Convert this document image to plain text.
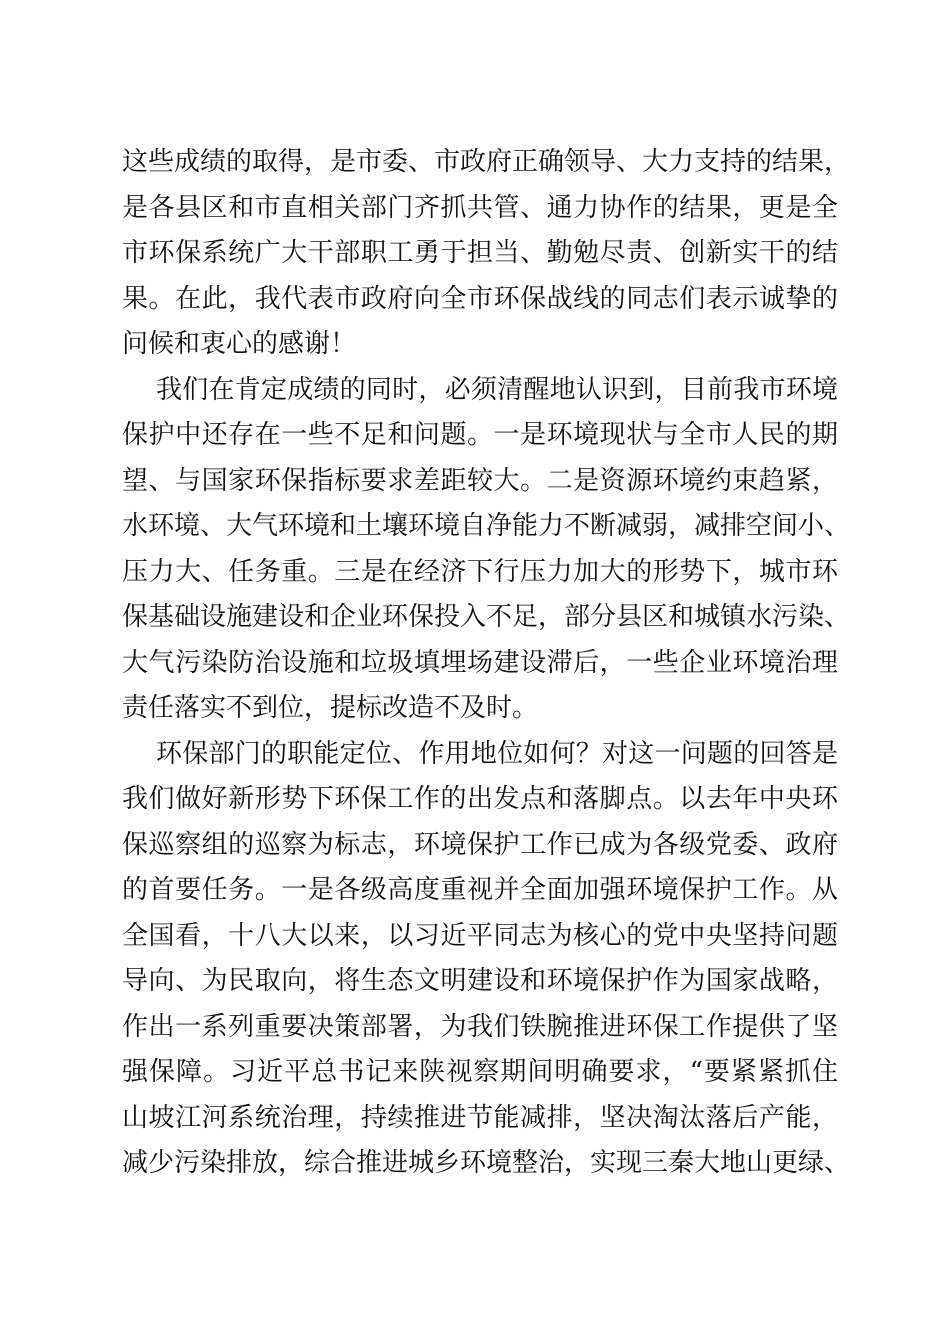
这些成绩的取得，是市委、市政府正确领导、大力支持的结果，
是各县区和市直相关部门齐抓共管、通力协作的结果，更是全
市环保系统广大干部职工勇于担当、勤勉尽责、创新实干的结
果。在此，我代表市政府向全市环保战线的同志们表示诚挚的
问候和衷心的感谢！
我们在肯定成绩的同时，必须清醒地认识到，目前我市环境
保护中还存在一些不足和问题。一是环境现状与全市人民的期
望、与国家环保指标要求差距较大。二是资源环境约束趋紧，
水环境、大气环境和土壤环境自净能力不断减弱，减排空间小、
压力大、任务重。三是在经济下行压力加大的形势下，城市环
保基础设施建设和企业环保投入不足，部分县区和城镇水污染、
大气污染防治设施和垃圾填埋场建设滞后，一些企业环境治理
责任落实不到位，提标改造不及时。
环保部门的职能定位、作用地位如何？对这一问题的回答是
我们做好新形势下环保工作的出发点和落脚点。以去年中央环
保巡察组的巡察为标志，环境保护工作已成为各级党委、政府
的首要任务。一是各级高度重视并全面加强环境保护工作。从
全国看，十八大以来，以习近平同志为核心的党中央坚持问题
导向、为民取向，将生态文明建设和环境保护作为国家战略，
作出一系列重要决策部署，为我们铁腕推进环保工作提供了坚
强保障。习近平总书记来陕视察期间明确要求，“要紧紧抓住
山坡江河系统治理，持续推进节能减排，坚决淘汰落后产能，
减少污染排放，综合推进城乡环境整治，实现三秦大地山更绿、
